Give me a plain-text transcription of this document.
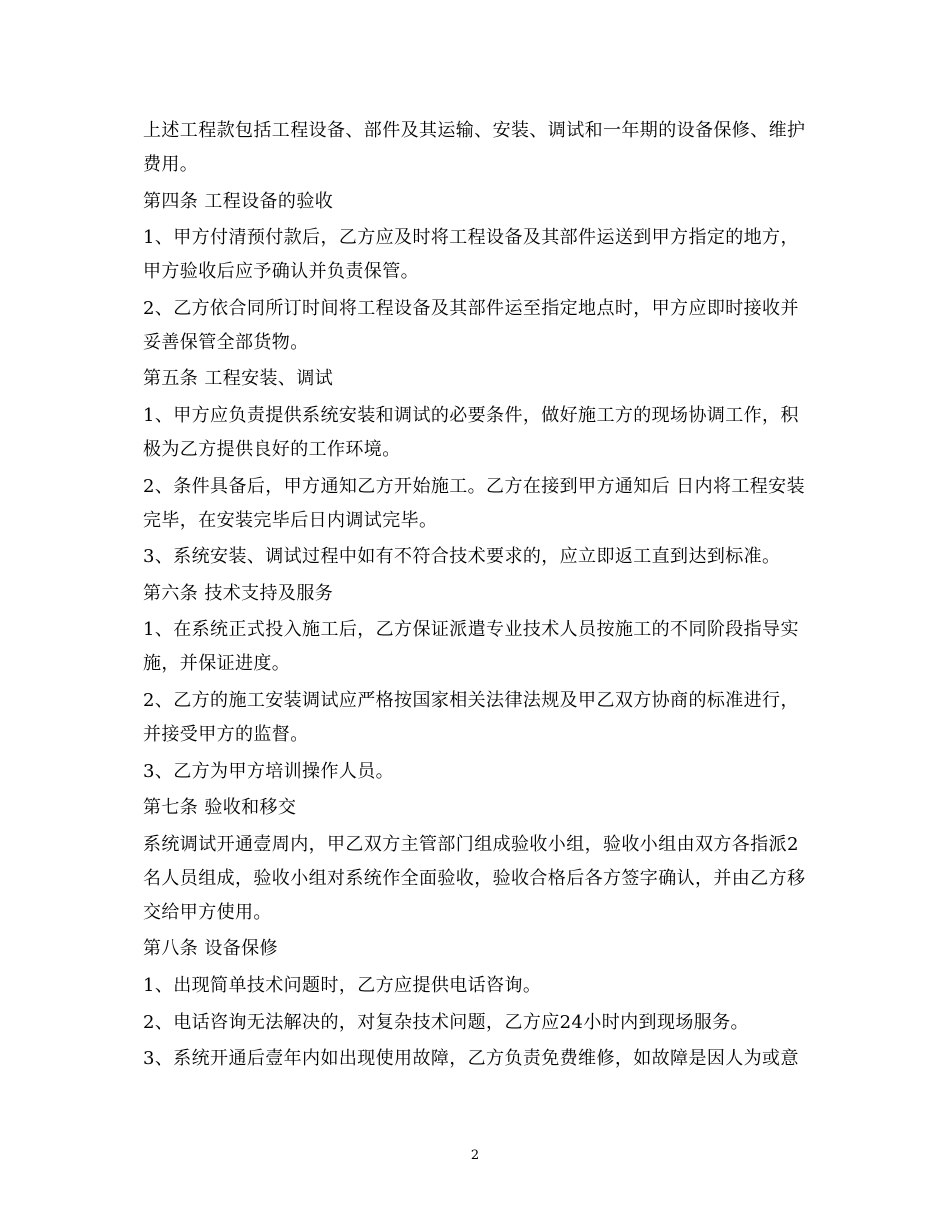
上述工程款包括工程设备、部件及其运输、安装、调试和一年期的设备保修、维护费用。

第四条 工程设备的验收

1、甲方付清预付款后，乙方应及时将工程设备及其部件运送到甲方指定的地方，甲方验收后应予确认并负责保管。

2、乙方依合同所订时间将工程设备及其部件运至指定地点时，甲方应即时接收并妥善保管全部货物。

第五条 工程安装、调试

1、甲方应负责提供系统安装和调试的必要条件，做好施工方的现场协调工作，积极为乙方提供良好的工作环境。

2、条件具备后，甲方通知乙方开始施工。乙方在接到甲方通知后 日内将工程安装完毕，在安装完毕后日内调试完毕。

3、系统安装、调试过程中如有不符合技术要求的，应立即返工直到达到标准。

第六条 技术支持及服务

1、在系统正式投入施工后，乙方保证派遣专业技术人员按施工的不同阶段指导实施，并保证进度。

2、乙方的施工安装调试应严格按国家相关法律法规及甲乙双方协商的标准进行，并接受甲方的监督。

3、乙方为甲方培训操作人员。

第七条 验收和移交

系统调试开通壹周内，甲乙双方主管部门组成验收小组，验收小组由双方各指派2名人员组成，验收小组对系统作全面验收，验收合格后各方签字确认，并由乙方移交给甲方使用。

第八条 设备保修

1、出现简单技术问题时，乙方应提供电话咨询。

2、电话咨询无法解决的，对复杂技术问题，乙方应24小时内到现场服务。

3、系统开通后壹年内如出现使用故障，乙方负责免费维修，如故障是因人为或意

2
